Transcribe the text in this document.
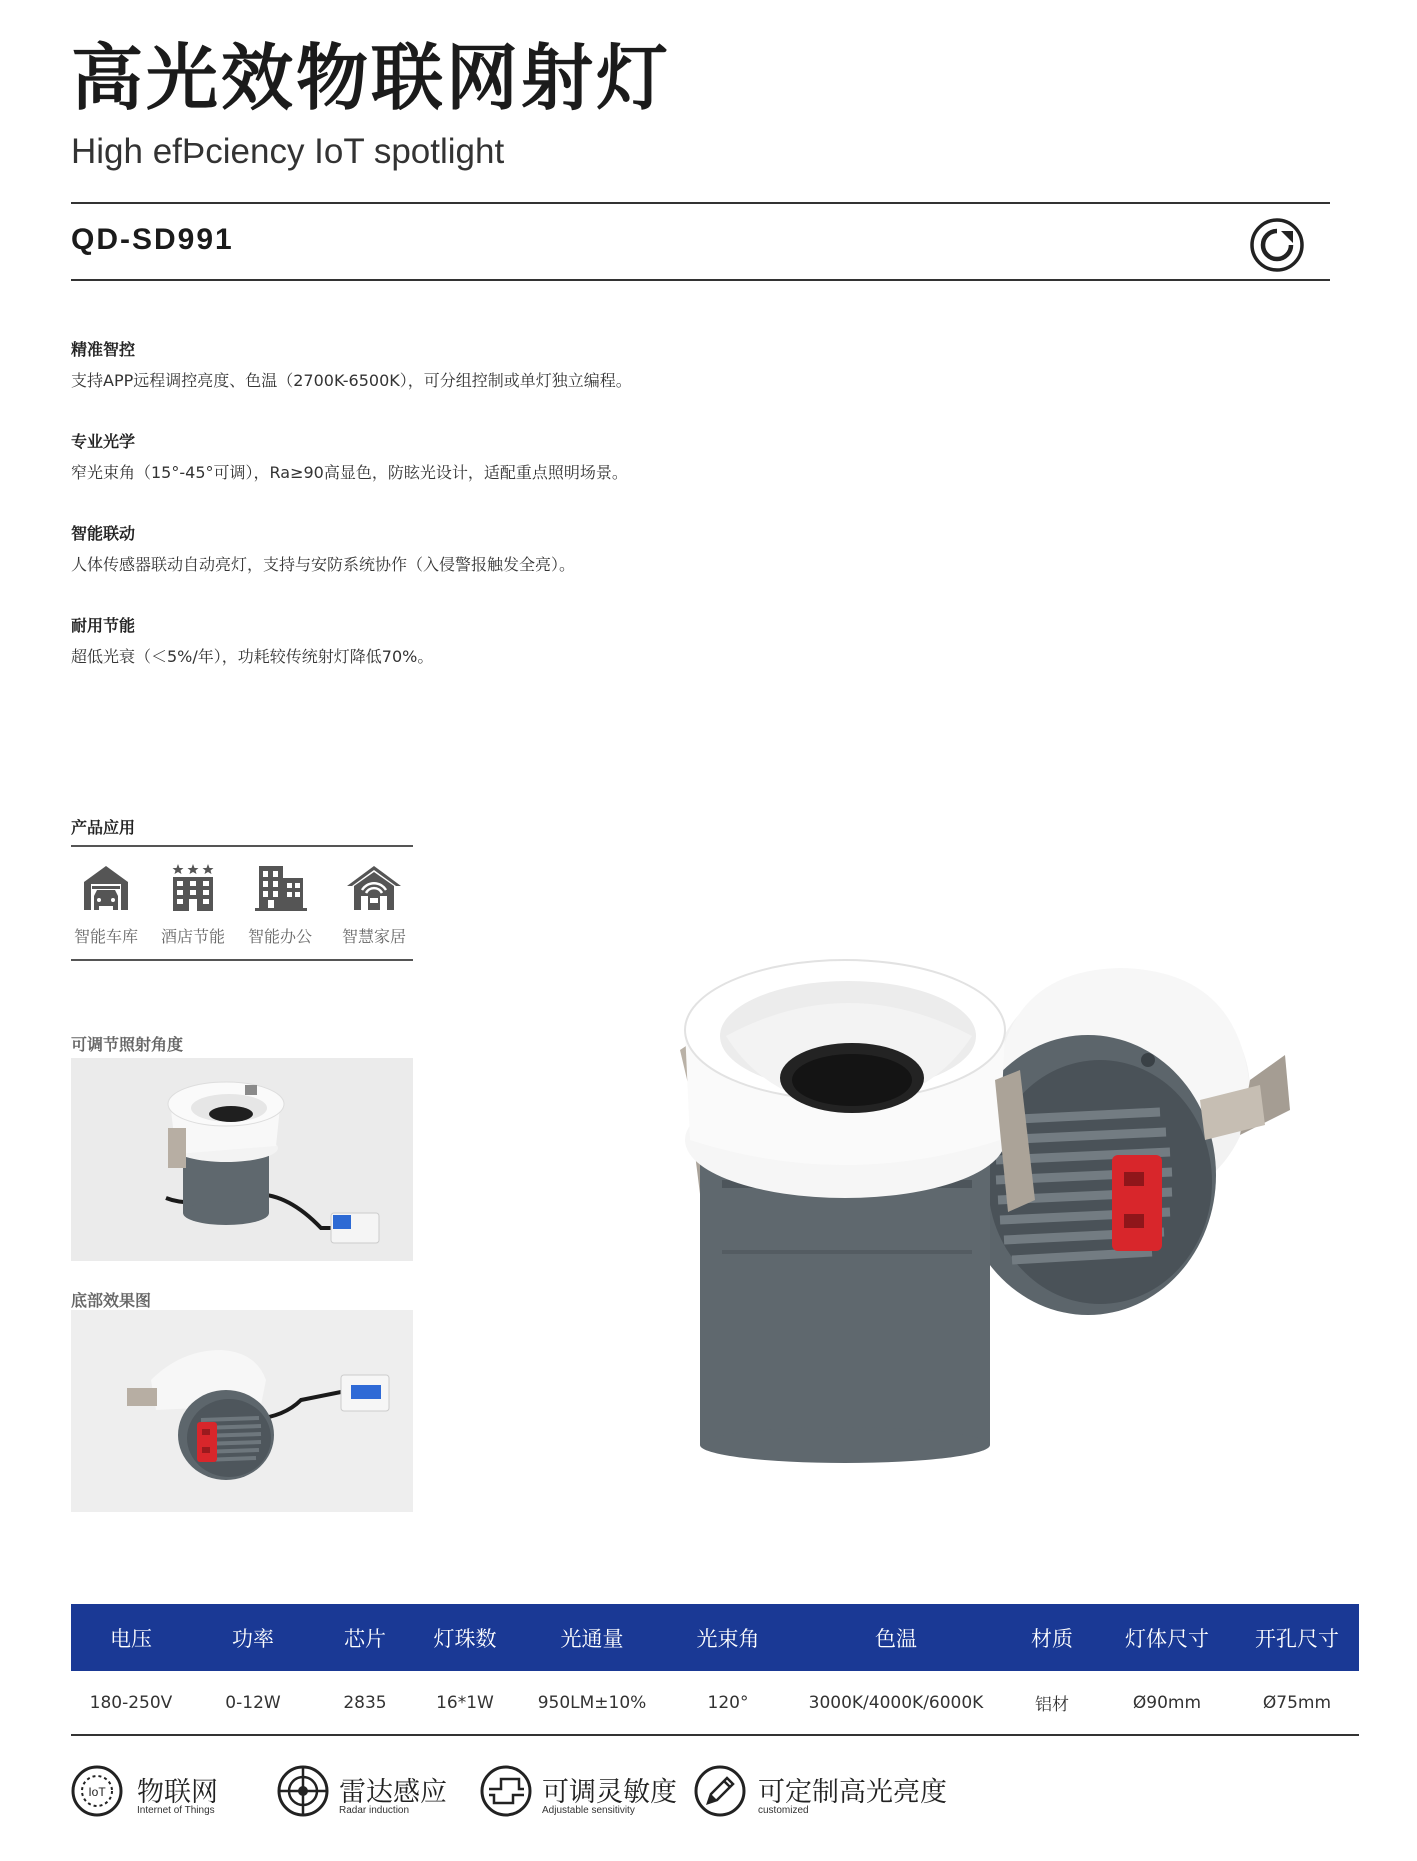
高光效物联网射灯
High efÞciency IoT spotlight
QD-SD991
精准智控
支持APP远程调控亮度、色温（2700K-6500K），可分组控制或单灯独立编程。
专业光学
窄光束角（15°-45°可调），Ra≥90高显色，防眩光设计，适配重点照明场景。
智能联动
人体传感器联动自动亮灯，支持与安防系统协作（入侵警报触发全亮）。
耐用节能
超低光衰（＜5%/年），功耗较传统射灯降低70%。
产品应用
智能车库	酒店节能	智能办公	智慧家居
可调节照射角度
底部效果图
电压	功率	芯片	灯珠数	光通量	光束角	色温	材质	灯体尺寸	开孔尺寸
180-250V	0-12W	2835	16*1W	950LM±10%	120°	3000K/4000K/6000K	铝材	Ø90mm	Ø75mm
IoT 物联网
Internet of Things
雷达感应
Radar induction
可调灵敏度
Adjustable sensitivity
可定制高光亮度
customized
